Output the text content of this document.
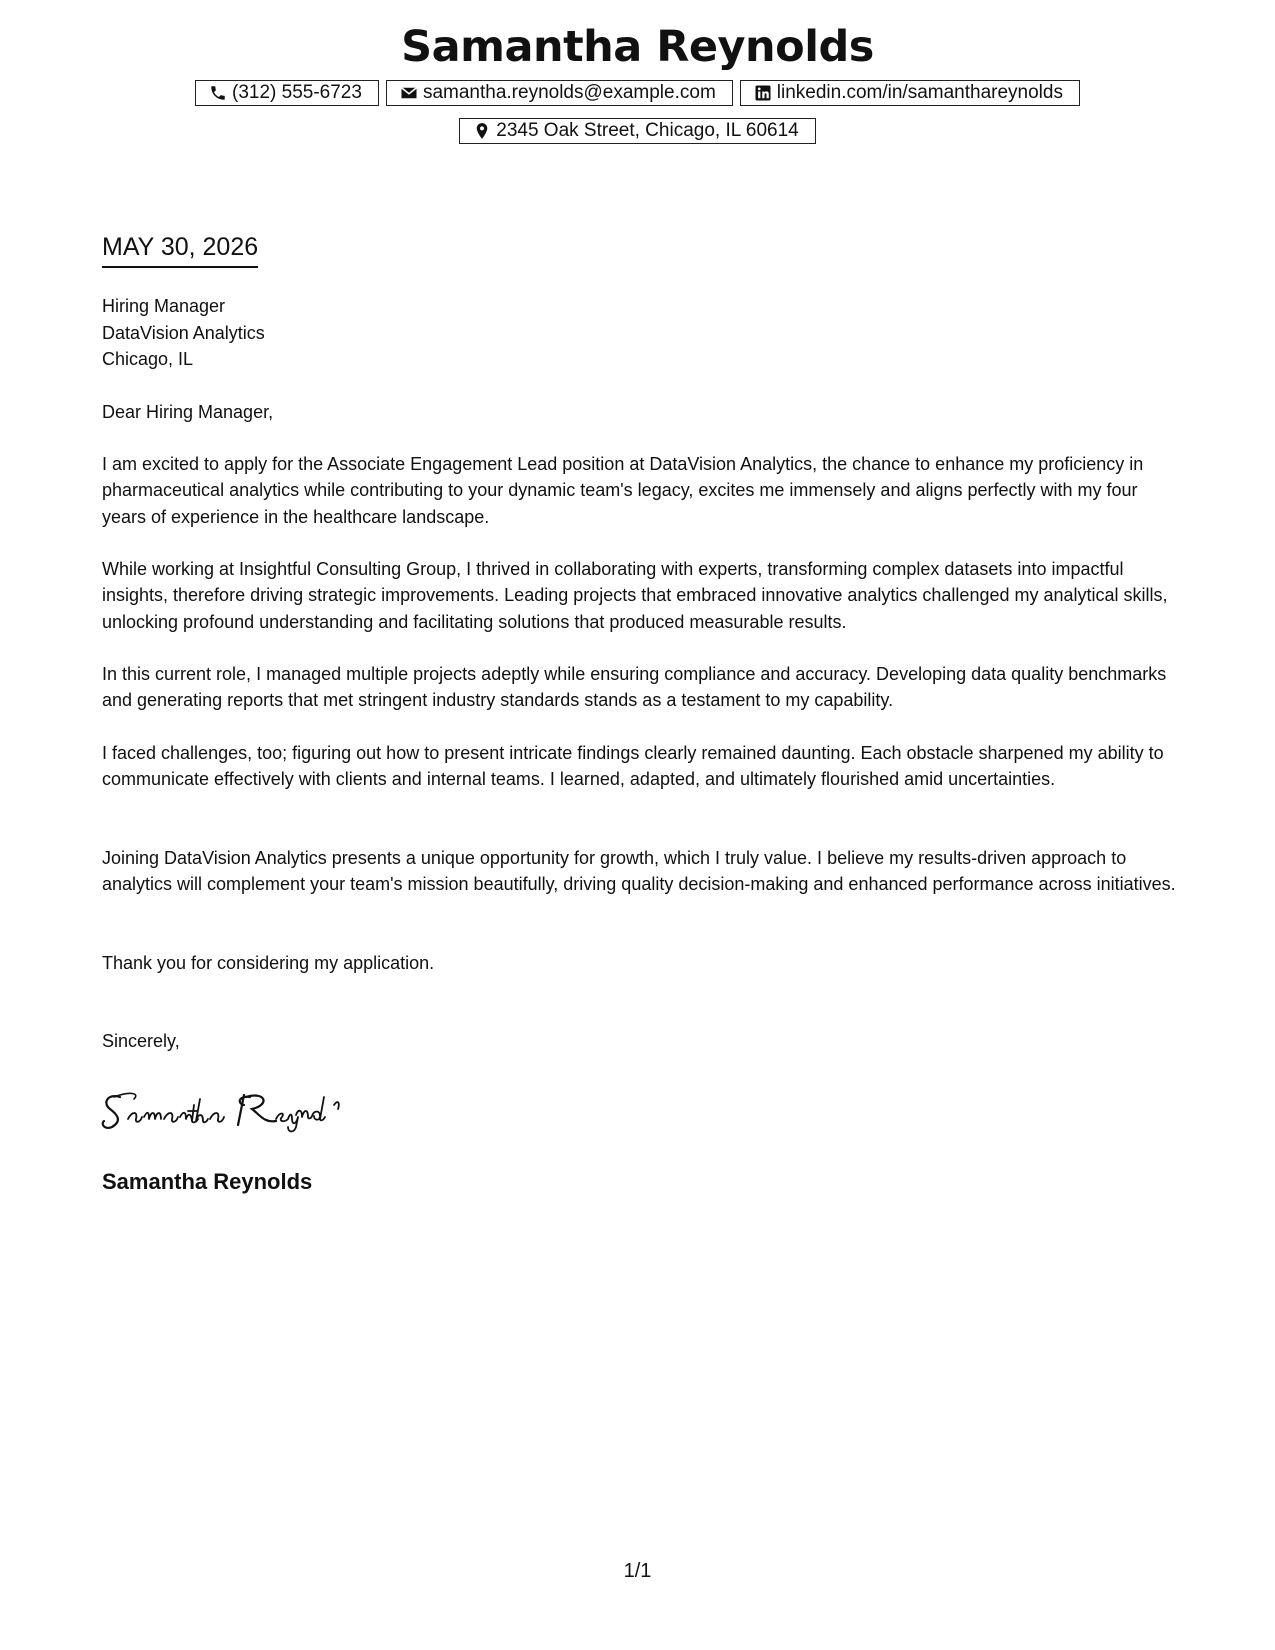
Samantha Reynolds
(312) 555-6723	samantha.reynolds@example.com	linkedin.com/in/samanthareynolds
2345 Oak Street, Chicago, IL 60614
MAY 30, 2026
Hiring Manager
DataVision Analytics
Chicago, IL

Dear Hiring Manager,

I am excited to apply for the Associate Engagement Lead position at DataVision Analytics, the chance to enhance my proficiency in pharmaceutical analytics while contributing to your dynamic team's legacy, excites me immensely and aligns perfectly with my four years of experience in the healthcare landscape.

While working at Insightful Consulting Group, I thrived in collaborating with experts, transforming complex datasets into impactful insights, therefore driving strategic improvements. Leading projects that embraced innovative analytics challenged my analytical skills, unlocking profound understanding and facilitating solutions that produced measurable results.

In this current role, I managed multiple projects adeptly while ensuring compliance and accuracy. Developing data quality benchmarks and generating reports that met stringent industry standards stands as a testament to my capability.

I faced challenges, too; figuring out how to present intricate findings clearly remained daunting. Each obstacle sharpened my ability to communicate effectively with clients and internal teams. I learned, adapted, and ultimately flourished amid uncertainties.

Joining DataVision Analytics presents a unique opportunity for growth, which I truly value. I believe my results-driven approach to analytics will complement your team's mission beautifully, driving quality decision-making and enhanced performance across initiatives.

Thank you for considering my application.

Sincerely,

Samantha Reynolds
1/1
